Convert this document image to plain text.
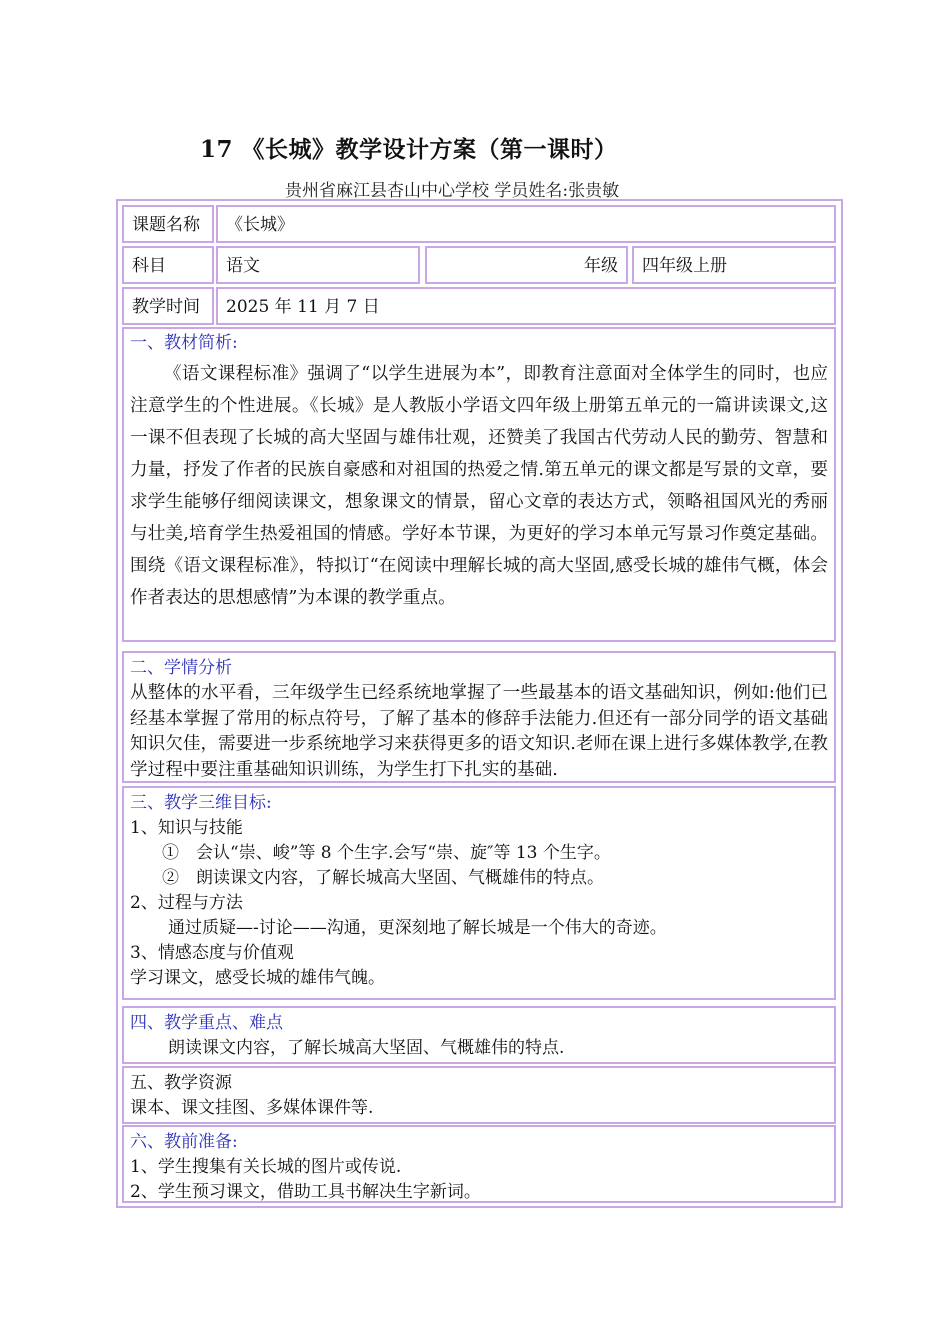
17 《长城》教学设计方案（第一课时）
贵州省麻江县杏山中心学校 学员姓名:张贵敏
课题名称	《长城》
科目	语文	年级	四年级上册
教学时间	2025 年 11 月 7 日
一、教材简析:
《语文课程标准》强调了“以学生进展为本”，即教育注意面对全体学生的同时，也应注意学生的个性进展。《长城》是人教版小学语文四年级上册第五单元的一篇讲读课文,这一课不但表现了长城的高大坚固与雄伟壮观，还赞美了我国古代劳动人民的勤劳、智慧和力量，抒发了作者的民族自豪感和对祖国的热爱之情.第五单元的课文都是写景的文章，要求学生能够仔细阅读课文，想象课文的情景，留心文章的表达方式，领略祖国风光的秀丽与壮美,培育学生热爱祖国的情感。学好本节课，为更好的学习本单元写景习作奠定基础。围绕《语文课程标准》，特拟订“在阅读中理解长城的高大坚固,感受长城的雄伟气概，体会作者表达的思想感情”为本课的教学重点。
二、学情分析
从整体的水平看，三年级学生已经系统地掌握了一些最基本的语文基础知识，例如:他们已经基本掌握了常用的标点符号，了解了基本的修辞手法能力.但还有一部分同学的语文基础知识欠佳，需要进一步系统地学习来获得更多的语文知识.老师在课上进行多媒体教学,在教学过程中要注重基础知识训练，为学生打下扎实的基础.
三、教学三维目标:
1、知识与技能
①　会认“崇、峻”等 8 个生字.会写“崇、旋″等 13 个生字。
②　朗读课文内容，了解长城高大坚固、气概雄伟的特点。
2、过程与方法
通过质疑—-讨论——沟通，更深刻地了解长城是一个伟大的奇迹。
3、情感态度与价值观
学习课文，感受长城的雄伟气魄。
四、教学重点、难点
朗读课文内容，了解长城高大坚固、气概雄伟的特点.
五、教学资源
课本、课文挂图、多媒体课件等.
六、教前准备:
1、学生搜集有关长城的图片或传说.
2、学生预习课文，借助工具书解决生字新词。
